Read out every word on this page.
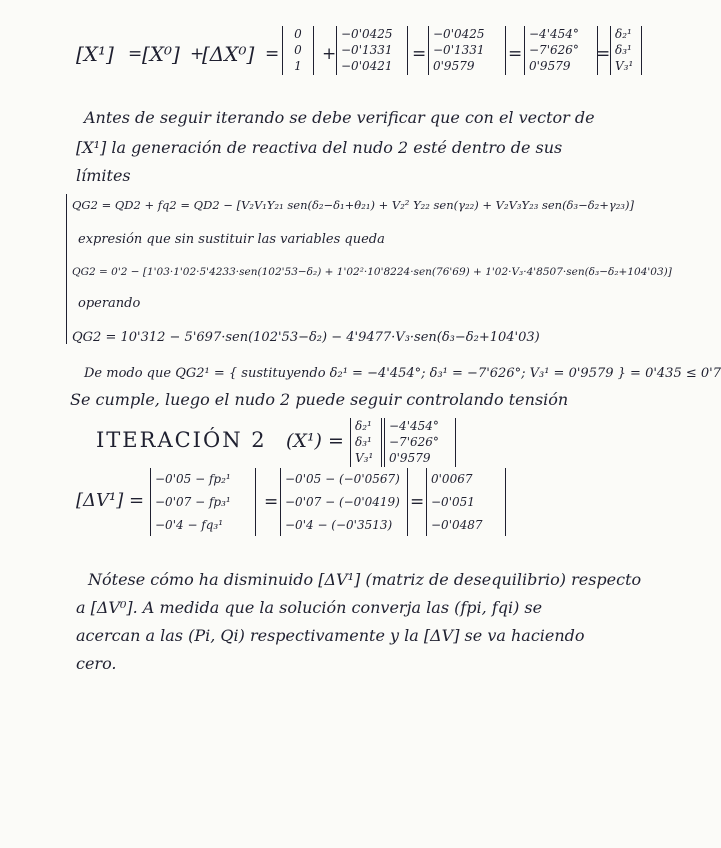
[X¹] = [X⁰] +
[ΔX⁰] =
0
0
1
+
−0'0425
−0'1331
−0'0421
=
−0'0425
−0'1331
0'9579
=
−4'454°
−7'626°
0'9579
=
δ₂¹
δ₃¹
V₃¹
Antes de seguir iterando se debe verificar que con el vector de
[X¹] la generación de reactiva del nudo 2 esté dentro de sus
límites
QG2 = QD2 + fq2 = QD2 − [V₂V₁Y₂₁ sen(δ₂−δ₁+θ₂₁) + V₂² Y₂₂ sen(γ₂₂) + V₂V₃Y₂₃ sen(δ₃−δ₂+γ₂₃)]
expresión que sin sustituir las variables queda
QG2 = 0'2 − [1'03·1'02·5'4233·sen(102'53−δ₂) + 1'02²·10'8224·sen(76'69) + 1'02·V₃·4'8507·sen(δ₃−δ₂+104'03)]
operando
QG2 = 10'312 − 5'697·sen(102'53−δ₂) − 4'9477·V₃·sen(δ₃−δ₂+104'03)
De modo que QG2¹ = { sustituyendo δ₂¹ = −4'454°; δ₃¹ = −7'626°; V₃¹ = 0'9579 } = 0'435 ≤ 0'7
Se cumple, luego el nudo 2 puede seguir controlando tensión
ITERACIÓN 2 (X¹) =
δ₂¹
δ₃¹
V₃¹
−4'454°
−7'626°
0'9579
[ΔV¹] =
−0'05 − fp₂¹
−0'07 − fp₃¹
−0'4 − fq₃¹
=
−0'05 − (−0'0567)
−0'07 − (−0'0419)
−0'4 − (−0'3513)
=
0'0067
−0'051
−0'0487
Nótese cómo ha disminuido [ΔV¹] (matriz de desequilibrio) respecto
a [ΔV⁰]. A medida que la solución converja las (fpi, fqi) se
acercan a las (Pi, Qi) respectivamente y la [ΔV] se va haciendo
cero.
